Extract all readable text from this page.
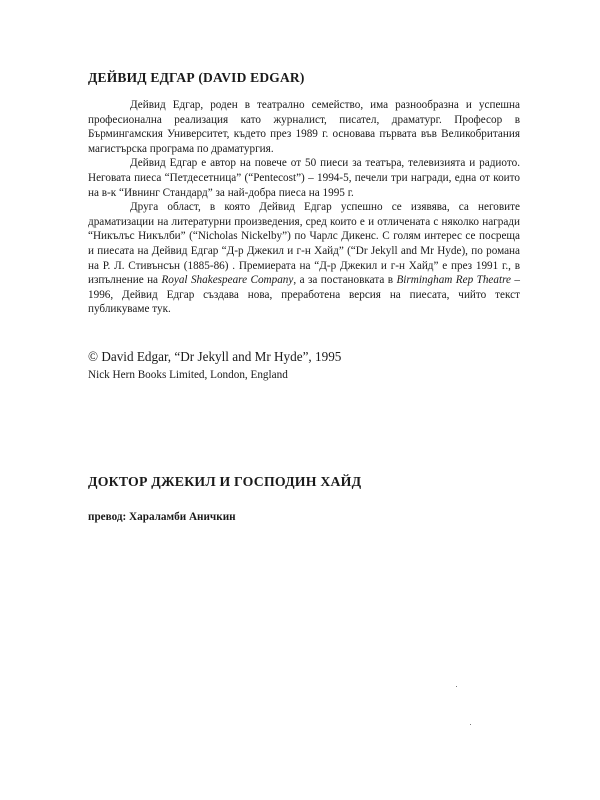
ДЕЙВИД ЕДГАР (DAVID EDGAR)

Дейвид Едгар, роден в театрално семейство, има разнообразна и успешна професионална реализация като журналист, писател, драматург. Професор в Бърмингамския Университет, където през 1989 г. основава първата във Великобритания магистърска програма по драматургия.

Дейвид Едгар е автор на повече от 50 пиеси за театъра, телевизията и радиото. Неговата пиеса “Петдесетница” (“Pentecost”) – 1994-5, печели три награди, една от които на в-к “Ивнинг Стандард” за най-добра пиеса на 1995 г.

Друга област, в която Дейвид Едгар успешно се изявява, са неговите драматизации на литературни произведения, сред които е и отличената с няколко награди “Никълъс Никълби” (“Nicholas Nickelby”) по Чарлс Дикенс. С голям интерес се посреща и пиесата на Дейвид Едгар “Д-р Джекил и г-н Хайд” (“Dr Jekyll and Mr Hyde), по романа на Р. Л. Стивънсън (1885-86) . Премиерата на “Д-р Джекил и г-н Хайд” е през 1991 г., в изпълнение на Royal Shakespeare Company, а за постановката в Birmingham Rep Theatre – 1996, Дейвид Едгар създава нова, преработена версия на пиесата, чийто текст публикуваме тук.

© David Edgar, “Dr Jekyll and Mr Hyde”, 1995
Nick Hern Books Limited, London, England
ДОКТОР ДЖЕКИЛ И ГОСПОДИН ХАЙД
превод: Хараламби Аничкин
